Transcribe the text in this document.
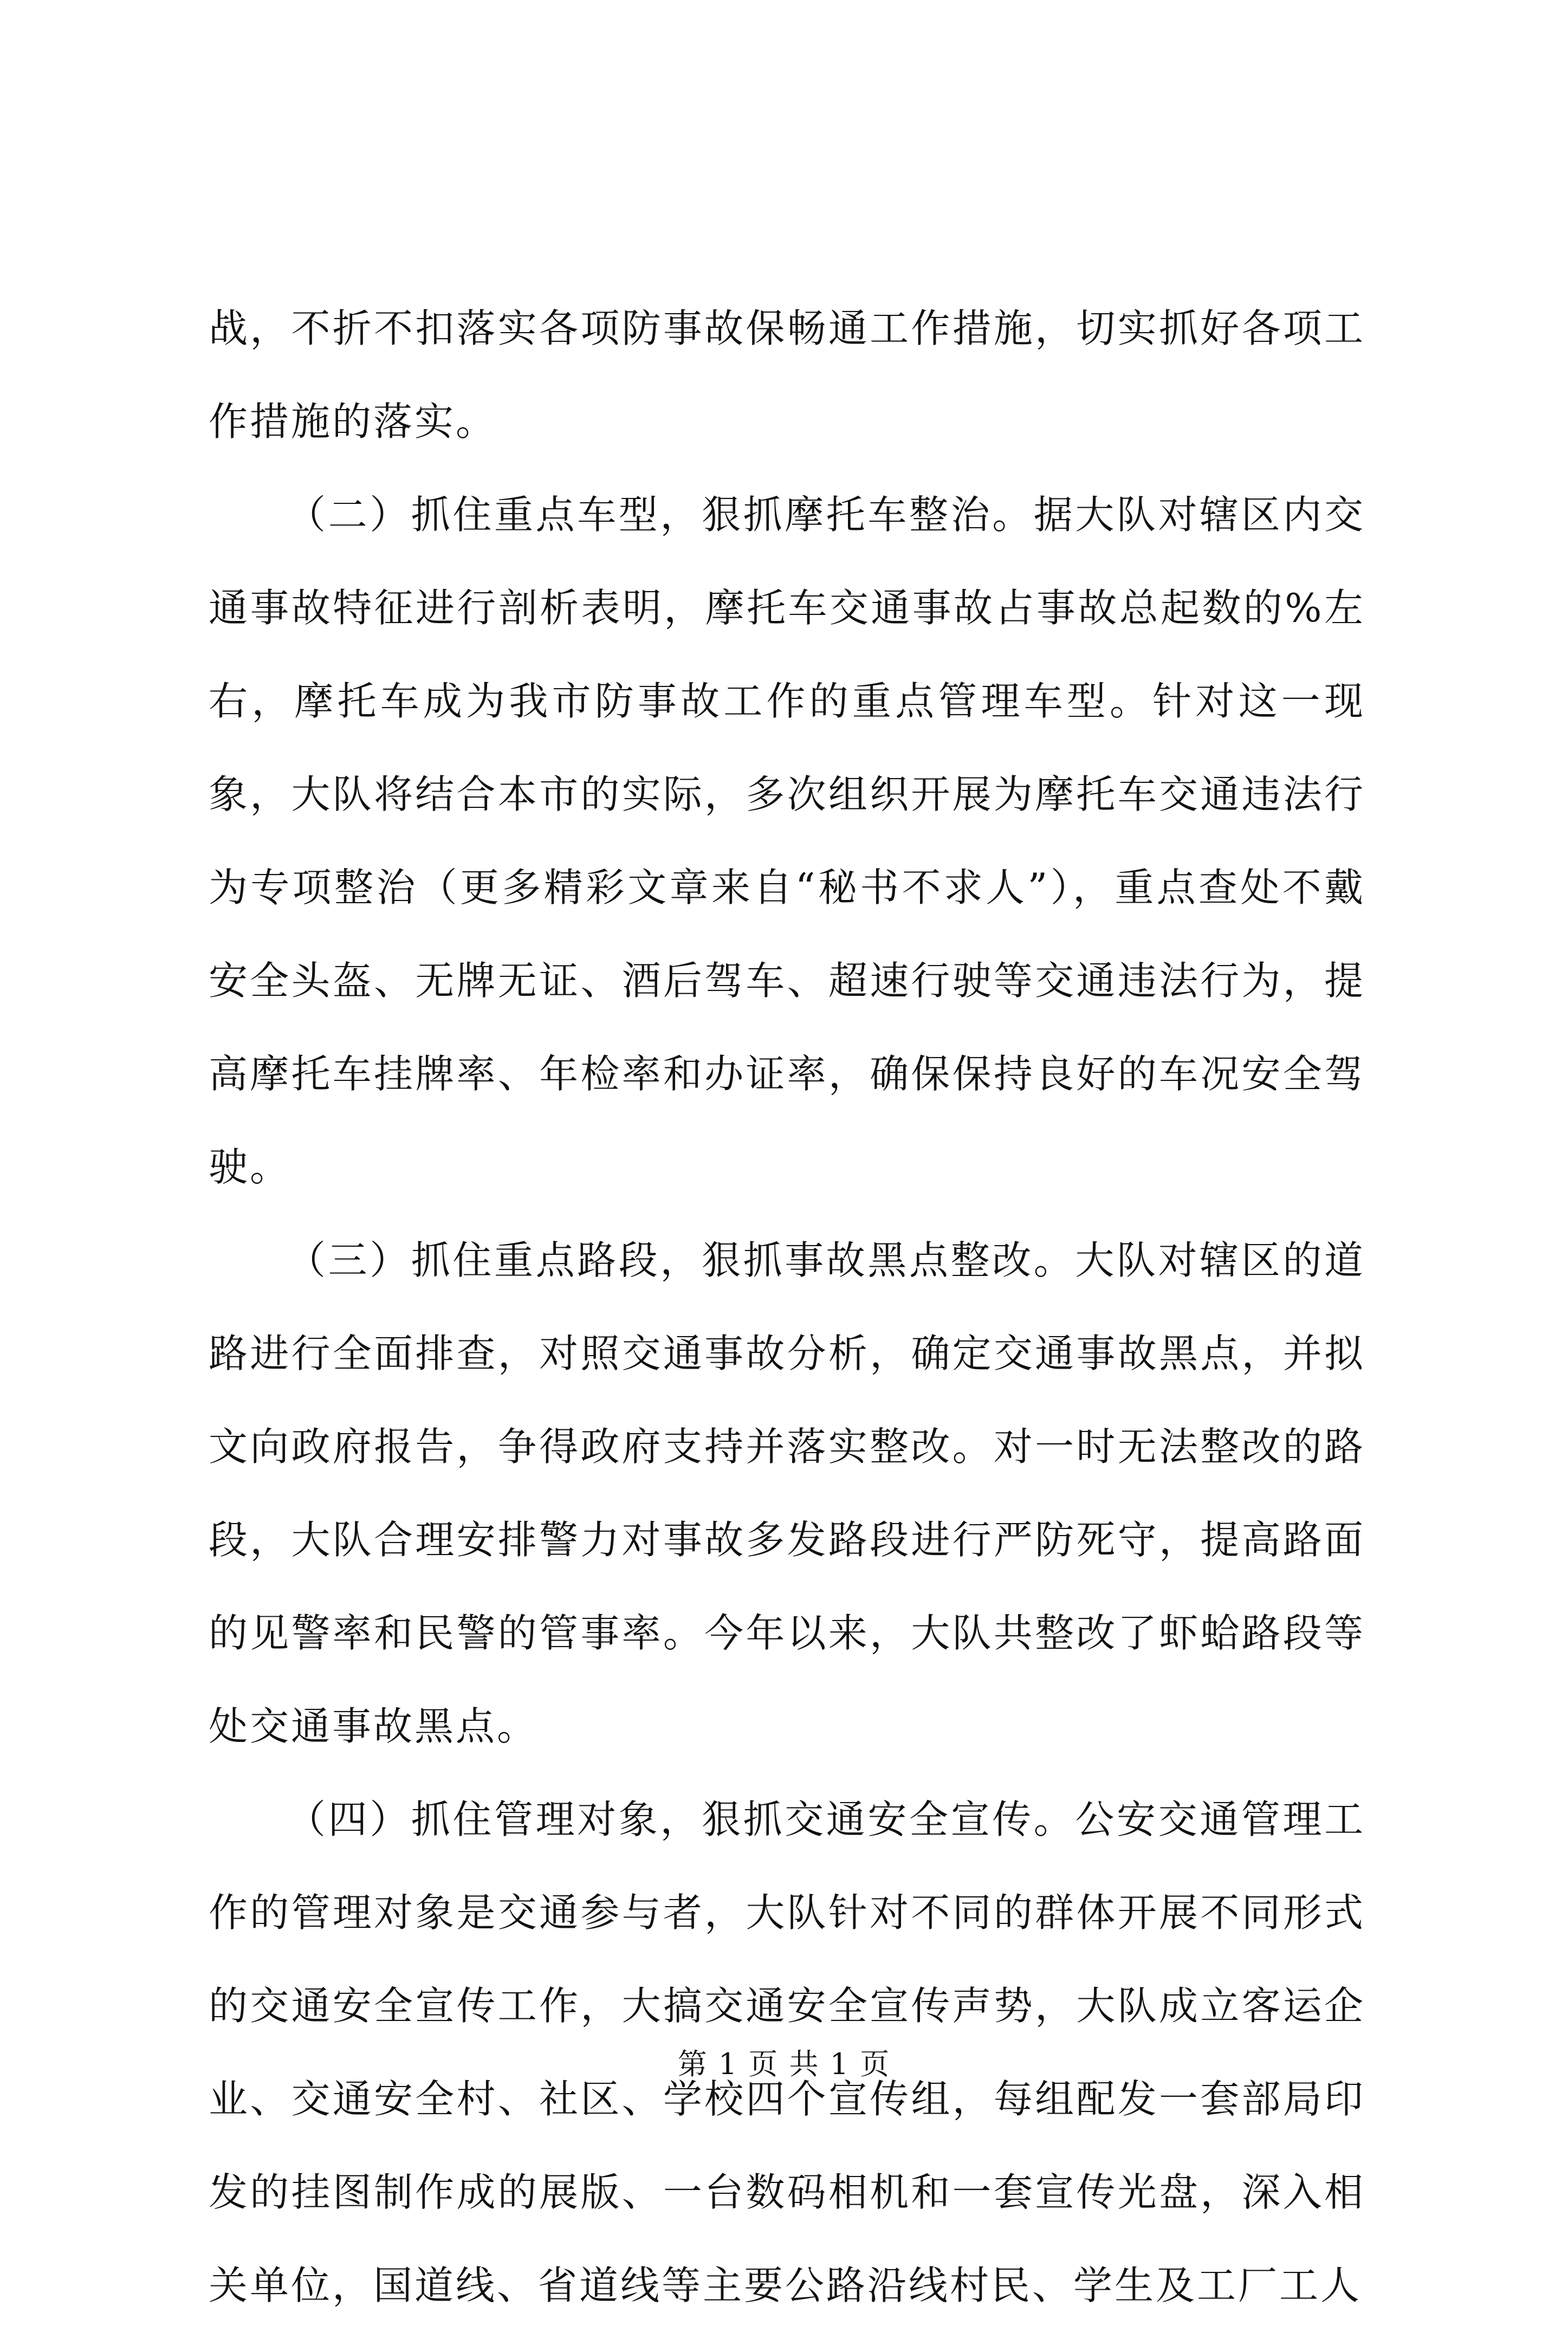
战，不折不扣落实各项防事故保畅通工作措施，切实抓好各项工作措施的落实。

（二）抓住重点车型，狠抓摩托车整治。据大队对辖区内交通事故特征进行剖析表明，摩托车交通事故占事故总起数的%左右，摩托车成为我市防事故工作的重点管理车型。针对这一现象，大队将结合本市的实际，多次组织开展为摩托车交通违法行为专项整治（更多精彩文章来自“秘书不求人”），重点查处不戴安全头盔、无牌无证、酒后驾车、超速行驶等交通违法行为，提高摩托车挂牌率、年检率和办证率，确保保持良好的车况安全驾驶。

（三）抓住重点路段，狠抓事故黑点整改。大队对辖区的道路进行全面排查，对照交通事故分析，确定交通事故黑点，并拟文向政府报告，争得政府支持并落实整改。对一时无法整改的路段，大队合理安排警力对事故多发路段进行严防死守，提高路面的见警率和民警的管事率。今年以来，大队共整改了虾蛤路段等处交通事故黑点。

（四）抓住管理对象，狠抓交通安全宣传。公安交通管理工作的管理对象是交通参与者，大队针对不同的群体开展不同形式的交通安全宣传工作，大搞交通安全宣传声势，大队成立客运企业、交通安全村、社区、学校四个宣传组，每组配发一套部局印发的挂图制作成的展版、一台数码相机和一套宣传光盘，深入相关单位，国道线、省道线等主要公路沿线村民、学生及工厂工人

第 1 页 共 1 页
